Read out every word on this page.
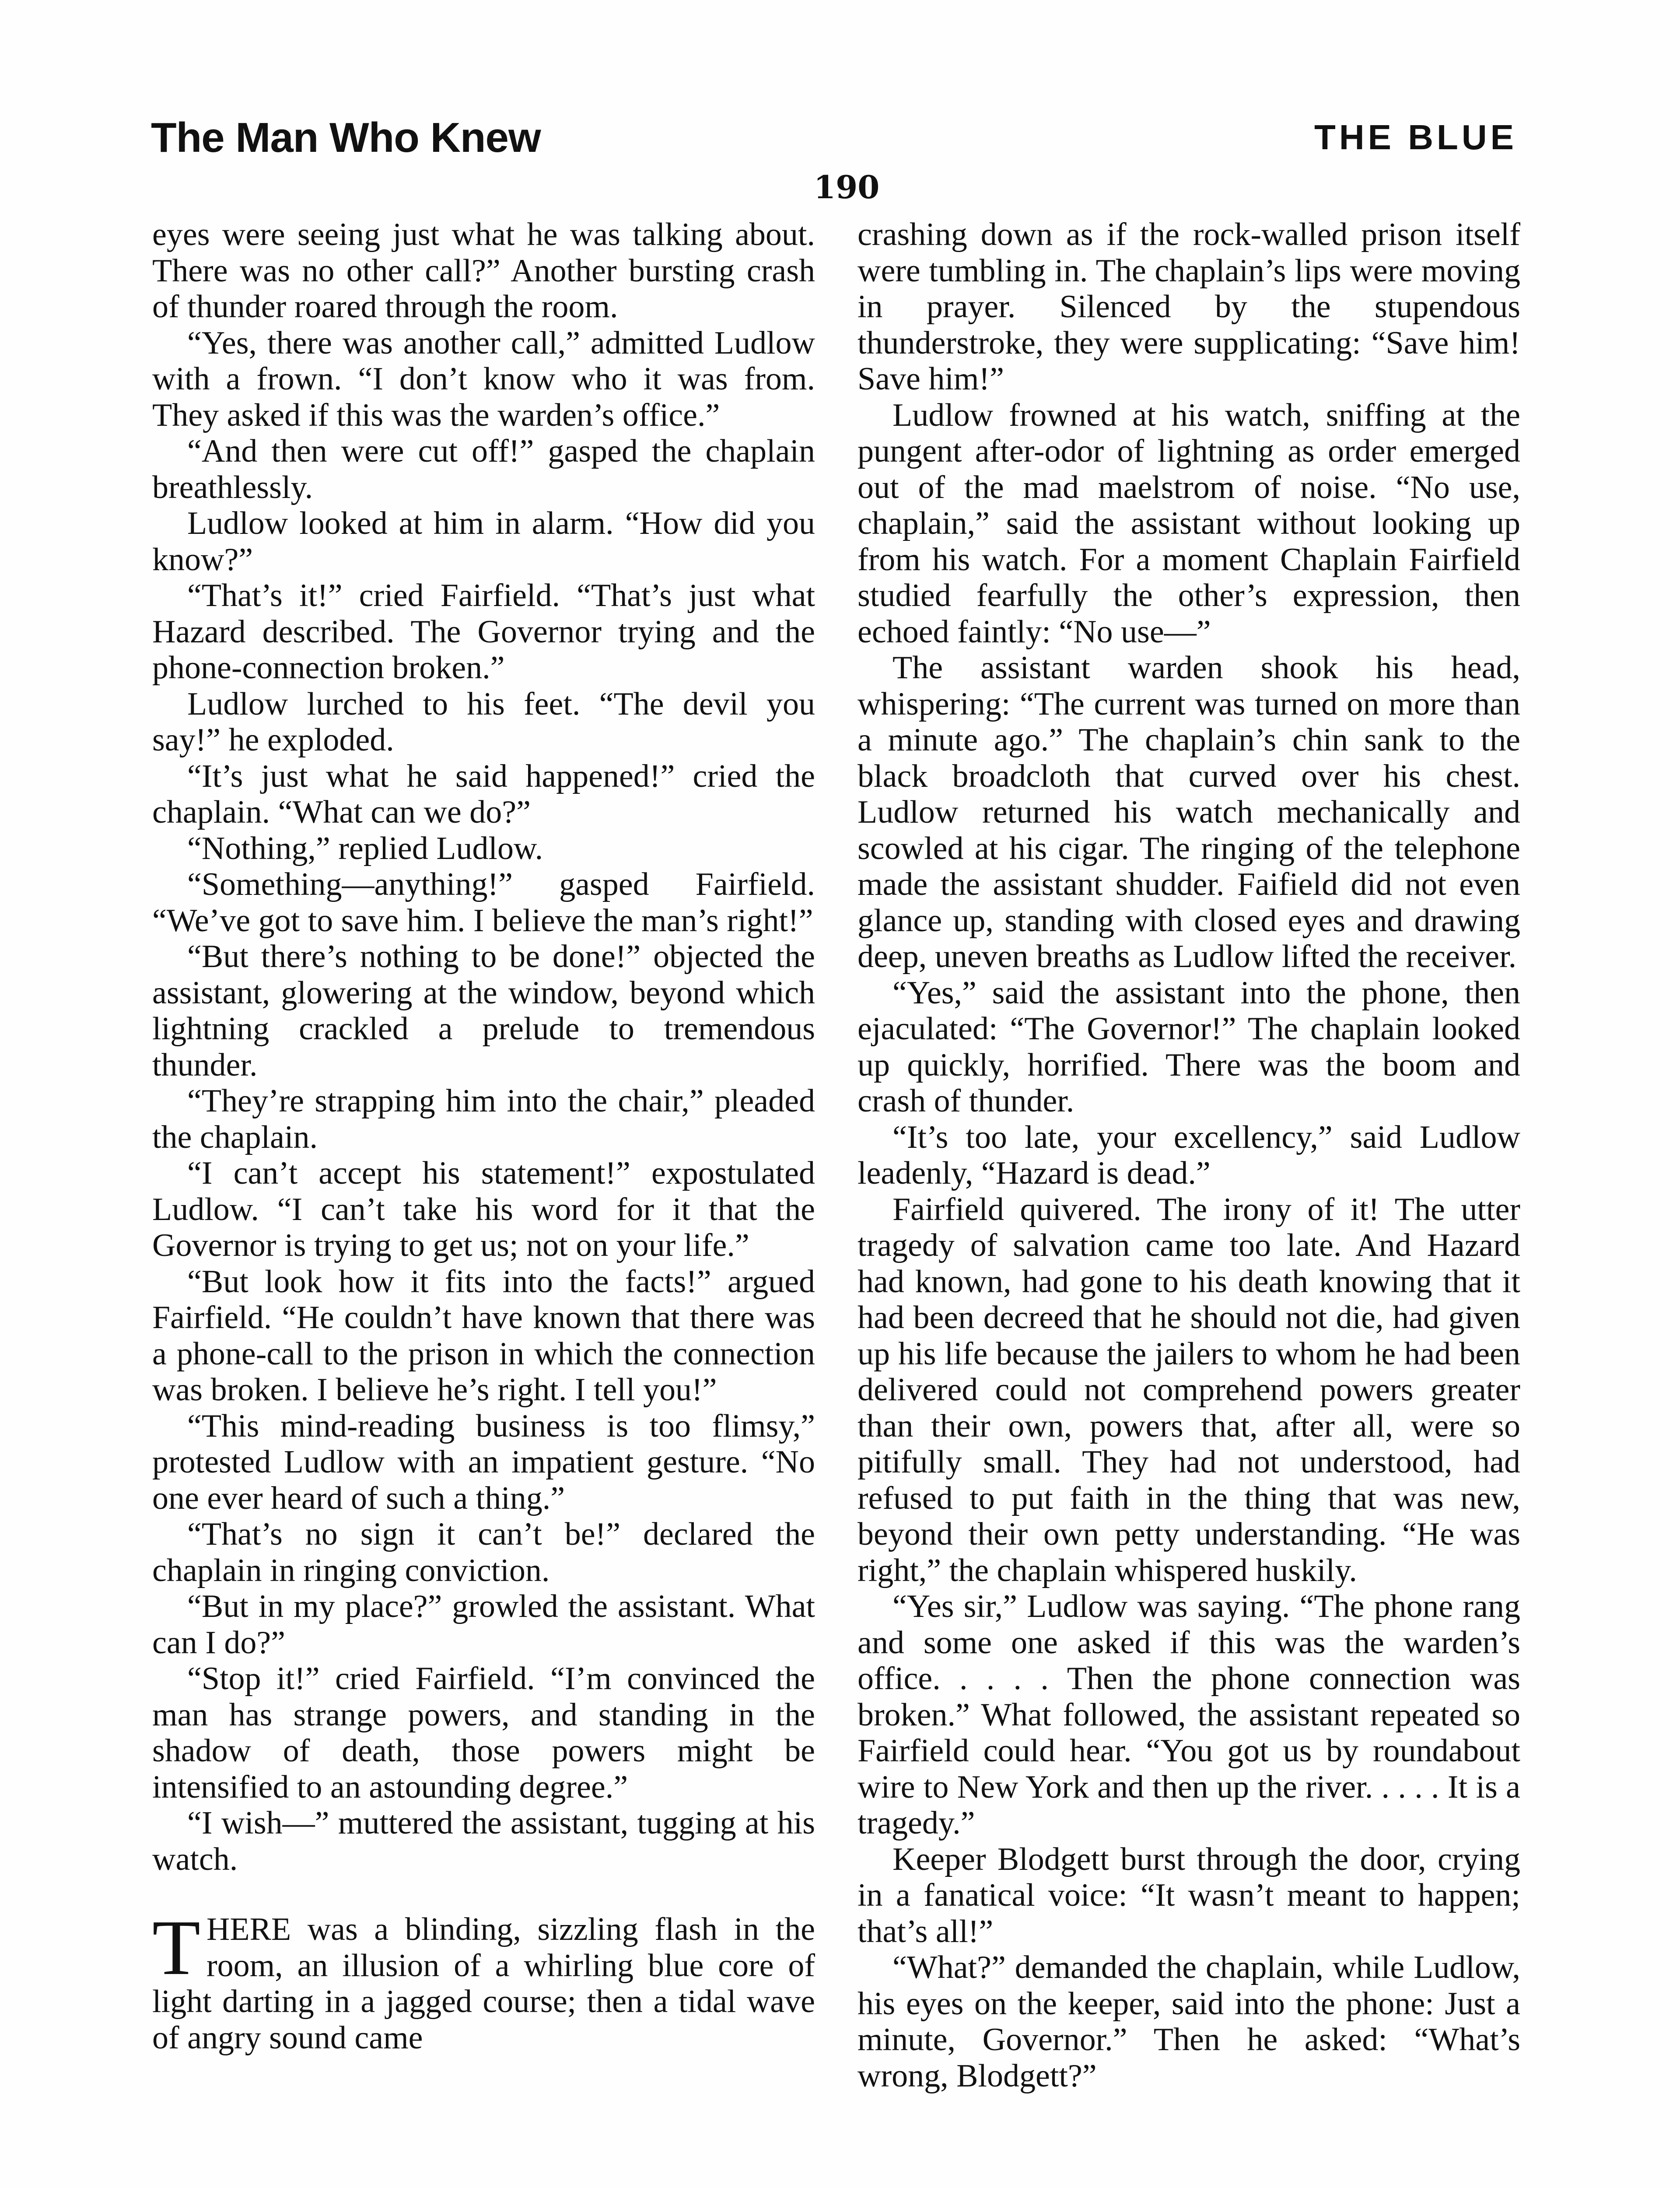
The Man Who Knew	THE BLUE
190

eyes were seeing just what he was talking about. There was no other call?” Another bursting crash of thunder roared through the room.

“Yes, there was another call,” admitted Ludlow with a frown. “I don’t know who it was from. They asked if this was the warden’s office.”

“And then were cut off!” gasped the chaplain breathlessly.

Ludlow looked at him in alarm. “How did you know?”

“That’s it!” cried Fairfield. “That’s just what Hazard described. The Governor trying and the phone-connection broken.”

Ludlow lurched to his feet. “The devil you say!” he exploded.

“It’s just what he said happened!” cried the chaplain. “What can we do?”

“Nothing,” replied Ludlow.

“Something—anything!” gasped Fairfield. “We’ve got to save him. I believe the man’s right!”

“But there’s nothing to be done!” objected the assistant, glowering at the window, beyond which lightning crackled a prelude to tremendous thunder.

“They’re strapping him into the chair,” pleaded the chaplain.

“I can’t accept his statement!” expostulated Ludlow. “I can’t take his word for it that the Governor is trying to get us; not on your life.”

“But look how it fits into the facts!” argued Fairfield. “He couldn’t have known that there was a phone-call to the prison in which the connection was broken. I believe he’s right. I tell you!”

“This mind-reading business is too flimsy,” protested Ludlow with an impatient gesture. “No one ever heard of such a thing.”

“That’s no sign it can’t be!” declared the chaplain in ringing conviction.

“But in my place?” growled the assistant. What can I do?”

“Stop it!” cried Fairfield. “I’m convinced the man has strange powers, and standing in the shadow of death, those powers might be intensified to an astounding degree.”

“I wish—” muttered the assistant, tugging at his watch.

THERE was a blinding, sizzling flash in the room, an illusion of a whirling blue core of light darting in a jagged course; then a tidal wave of angry sound came

crashing down as if the rock-walled prison itself were tumbling in. The chaplain’s lips were moving in prayer. Silenced by the stupendous thunderstroke, they were supplicating: “Save him! Save him!”

Ludlow frowned at his watch, sniffing at the pungent after-odor of lightning as order emerged out of the mad maelstrom of noise. “No use, chaplain,” said the assistant without looking up from his watch. For a moment Chaplain Fairfield studied fearfully the other’s expression, then echoed faintly: “No use—”

The assistant warden shook his head, whispering: “The current was turned on more than a minute ago.” The chaplain’s chin sank to the black broadcloth that curved over his chest. Ludlow returned his watch mechanically and scowled at his cigar. The ringing of the telephone made the assistant shudder. Faifield did not even glance up, standing with closed eyes and drawing deep, uneven breaths as Ludlow lifted the receiver.

“Yes,” said the assistant into the phone, then ejaculated: “The Governor!” The chaplain looked up quickly, horrified. There was the boom and crash of thunder.

“It’s too late, your excellency,” said Ludlow leadenly, “Hazard is dead.”

Fairfield quivered. The irony of it! The utter tragedy of salvation came too late. And Hazard had known, had gone to his death knowing that it had been decreed that he should not die, had given up his life because the jailers to whom he had been delivered could not comprehend powers greater than their own, powers that, after all, were so pitifully small. They had not understood, had refused to put faith in the thing that was new, beyond their own petty understanding. “He was right,” the chaplain whispered huskily.

“Yes sir,” Ludlow was saying. “The phone rang and some one asked if this was the warden’s office. . . . . Then the phone connection was broken.” What followed, the assistant repeated so Fairfield could hear. “You got us by roundabout wire to New York and then up the river. . . . . It is a tragedy.”

Keeper Blodgett burst through the door, crying in a fanatical voice: “It wasn’t meant to happen; that’s all!”

“What?” demanded the chaplain, while Ludlow, his eyes on the keeper, said into the phone: Just a minute, Governor.” Then he asked: “What’s wrong, Blodgett?”
